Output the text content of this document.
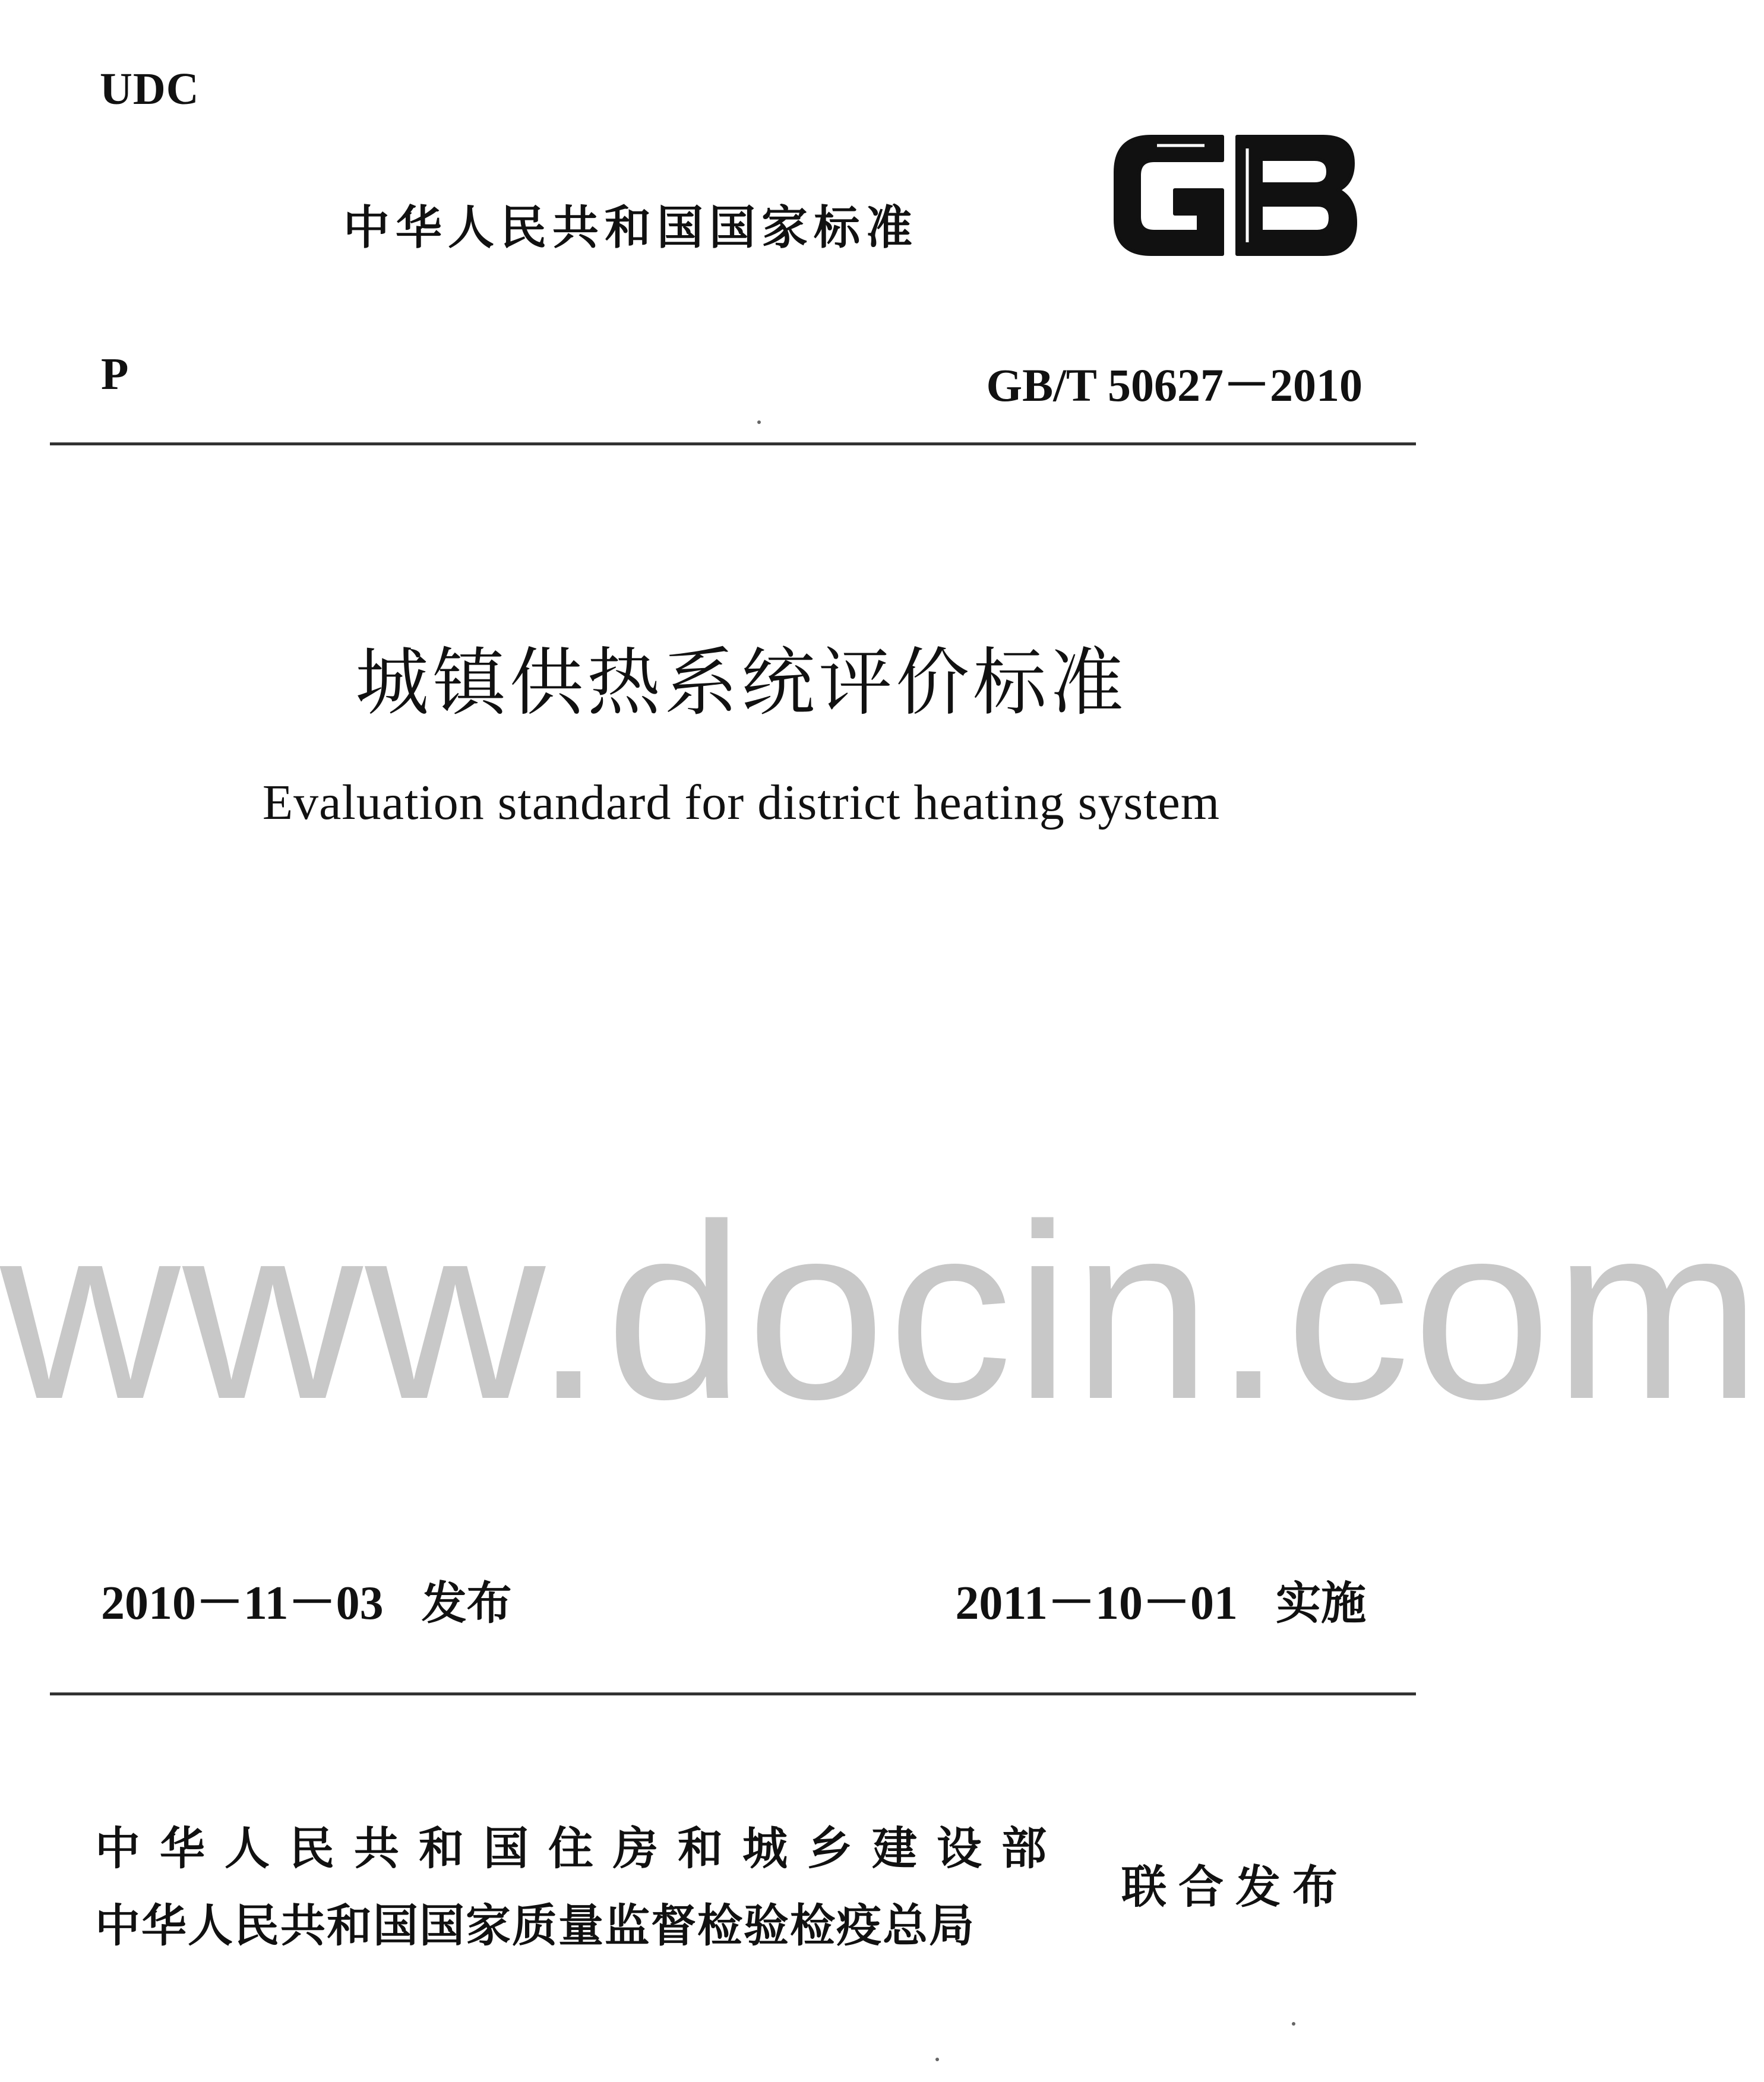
UDC
中华人民共和国国家标准
P	GB/T 50627－2010
城镇供热系统评价标准
Evaluation standard for district heating system
www.docin.com
2010－11－03 发布	2011－10－01 实施
中华人民共和国住房和城乡建设部
中华人民共和国国家质量监督检验检疫总局
联合发布
